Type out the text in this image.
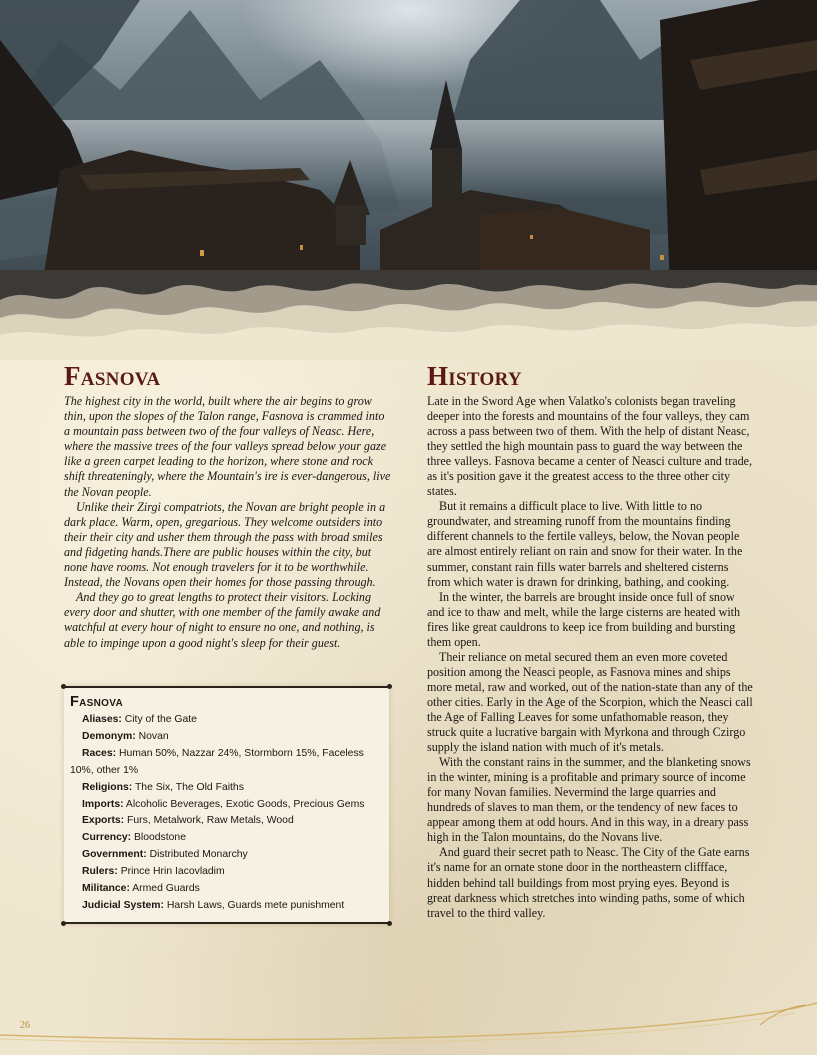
Fasnova

The highest city in the world, built where the air begins to grow thin, upon the slopes of the Talon range, Fasnova is crammed into a mountain pass between two of the four valleys of Neasc. Here, where the massive trees of the four valleys spread below your gaze like a green carpet leading to the horizon, where stone and rock shift threateningly, where the Mountain's ire is ever-dangerous, live the Novan people.

Unlike their Zirgi compatriots, the Novan are bright people in a dark place. Warm, open, gregarious. They welcome outsiders into their their city and usher them through the pass with broad smiles and fidgeting hands.There are public houses within the city, but none have rooms. Not enough travelers for it to be worthwhile. Instead, the Novans open their homes for those passing through.

And they go to great lengths to protect their visitors. Locking every door and shutter, with one member of the family awake and watchful at every hour of night to ensure no one, and nothing, is able to impinge upon a good night's sleep for their guest.

Fasnova
Aliases: City of the Gate
Demonym: Novan
Races: Human 50%, Nazzar 24%, Stormborn 15%, Faceless 10%, other 1%
Religions: The Six, The Old Faiths
Imports: Alcoholic Beverages, Exotic Goods, Precious Gems
Exports: Furs, Metalwork, Raw Metals, Wood
Currency: Bloodstone
Government: Distributed Monarchy
Rulers: Prince Hrin Iacovladim
Militance: Armed Guards
Judicial System: Harsh Laws, Guards mete punishment
History

Late in the Sword Age when Valatko's colonists began traveling deeper into the forests and mountains of the four valleys, they cam across a pass between two of them. With the help of distant Neasc, they settled the high mountain pass to guard the way between the three valleys. Fasnova became a center of Neasci culture and trade, as it's position gave it the greatest access to the three other city states.

But it remains a difficult place to live. With little to no groundwater, and streaming runoff from the mountains finding different channels to the fertile valleys, below, the Novan people are almost entirely reliant on rain and snow for their water. In the summer, constant rain fills water barrels and sheltered cisterns from which water is drawn for drinking, bathing, and cooking.

In the winter, the barrels are brought inside once full of snow and ice to thaw and melt, while the large cisterns are heated with fires like great cauldrons to keep ice from building and bursting them open.

Their reliance on metal secured them an even more coveted position among the Neasci people, as Fasnova mines and ships more metal, raw and worked, out of the nation-state than any of the other cities. Early in the Age of the Scorpion, which the Neasci call the Age of Falling Leaves for some unfathomable reason, they struck quite a lucrative bargain with Myrkona and through Czirgo supply the island nation with much of it's metals.

With the constant rains in the summer, and the blanketing snows in the winter, mining is a profitable and primary source of income for many Novan families. Nevermind the large quarries and hundreds of slaves to man them, or the tendency of new faces to appear among them at odd hours. And in this way, in a dreary pass high in the Talon mountains, do the Novans live.

And guard their secret path to Neasc. The City of the Gate earns it's name for an ornate stone door in the northeastern cliffface, hidden behind tall buildings from most prying eyes. Beyond is great darkness which stretches into winding paths, some of which travel to the third valley.

26
